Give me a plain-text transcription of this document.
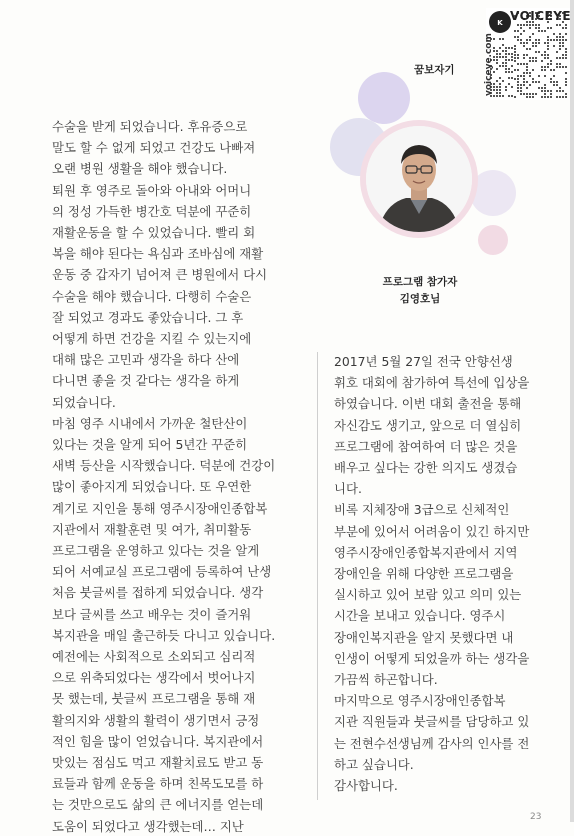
K VOICEYE
voiceye.com
꿈보자기
프로그램 참가자
김영호님
수술을 받게 되었습니다. 후유증으로
말도 할 수 없게 되었고 건강도 나빠져
오랜 병원 생활을 해야 했습니다.
퇴원 후 영주로 돌아와 아내와 어머니
의 정성 가득한 병간호 덕분에 꾸준히
재활운동을 할 수 있었습니다. 빨리 회
복을 해야 된다는 욕심과 조바심에 재활
운동 중 갑자기 넘어져 큰 병원에서 다시
수술을 해야 했습니다. 다행히 수술은
잘 되었고 경과도 좋았습니다. 그 후
어떻게 하면 건강을 지킬 수 있는지에
대해 많은 고민과 생각을 하다 산에
다니면 좋을 것 같다는 생각을 하게
되었습니다.
마침 영주 시내에서 가까운 철탄산이
있다는 것을 알게 되어 5년간 꾸준히
새벽 등산을 시작했습니다. 덕분에 건강이
많이 좋아지게 되었습니다. 또 우연한
계기로 지인을 통해 영주시장애인종합복
지관에서 재활훈련 및 여가, 취미활동
프로그램을 운영하고 있다는 것을 알게
되어 서예교실 프로그램에 등록하여 난생
처음 붓글씨를 접하게 되었습니다. 생각
보다 글씨를 쓰고 배우는 것이 즐거워
복지관을 매일 출근하듯 다니고 있습니다.
예전에는 사회적으로 소외되고 심리적
으로 위축되었다는 생각에서 벗어나지
못 했는데, 붓글씨 프로그램을 통해 재
활의지와 생활의 활력이 생기면서 긍정
적인 힘을 많이 얻었습니다. 복지관에서
맛있는 점심도 먹고 재활치료도 받고 동
료들과 함께 운동을 하며 친목도모를 하
는 것만으로도 삶의 큰 에너지를 얻는데
도움이 되었다고 생각했는데… 지난
2017년 5월 27일 전국 안향선생
휘호 대회에 참가하여 특선에 입상을
하였습니다. 이번 대회 출전을 통해
자신감도 생기고, 앞으로 더 열심히
프로그램에 참여하여 더 많은 것을
배우고 싶다는 강한 의지도 생겼습
니다.
비록 지체장애 3급으로 신체적인
부분에 있어서 어려움이 있긴 하지만
영주시장애인종합복지관에서 지역
장애인을 위해 다양한 프로그램을
실시하고 있어 보람 있고 의미 있는
시간을 보내고 있습니다. 영주시
장애인복지관을 알지 못했다면 내
인생이 어떻게 되었을까 하는 생각을
가끔씩 하곤합니다.
마지막으로 영주시장애인종합복
지관 직원들과 붓글씨를 담당하고 있
는 전현수선생님께 감사의 인사를 전
하고 싶습니다.
감사합니다.
23
